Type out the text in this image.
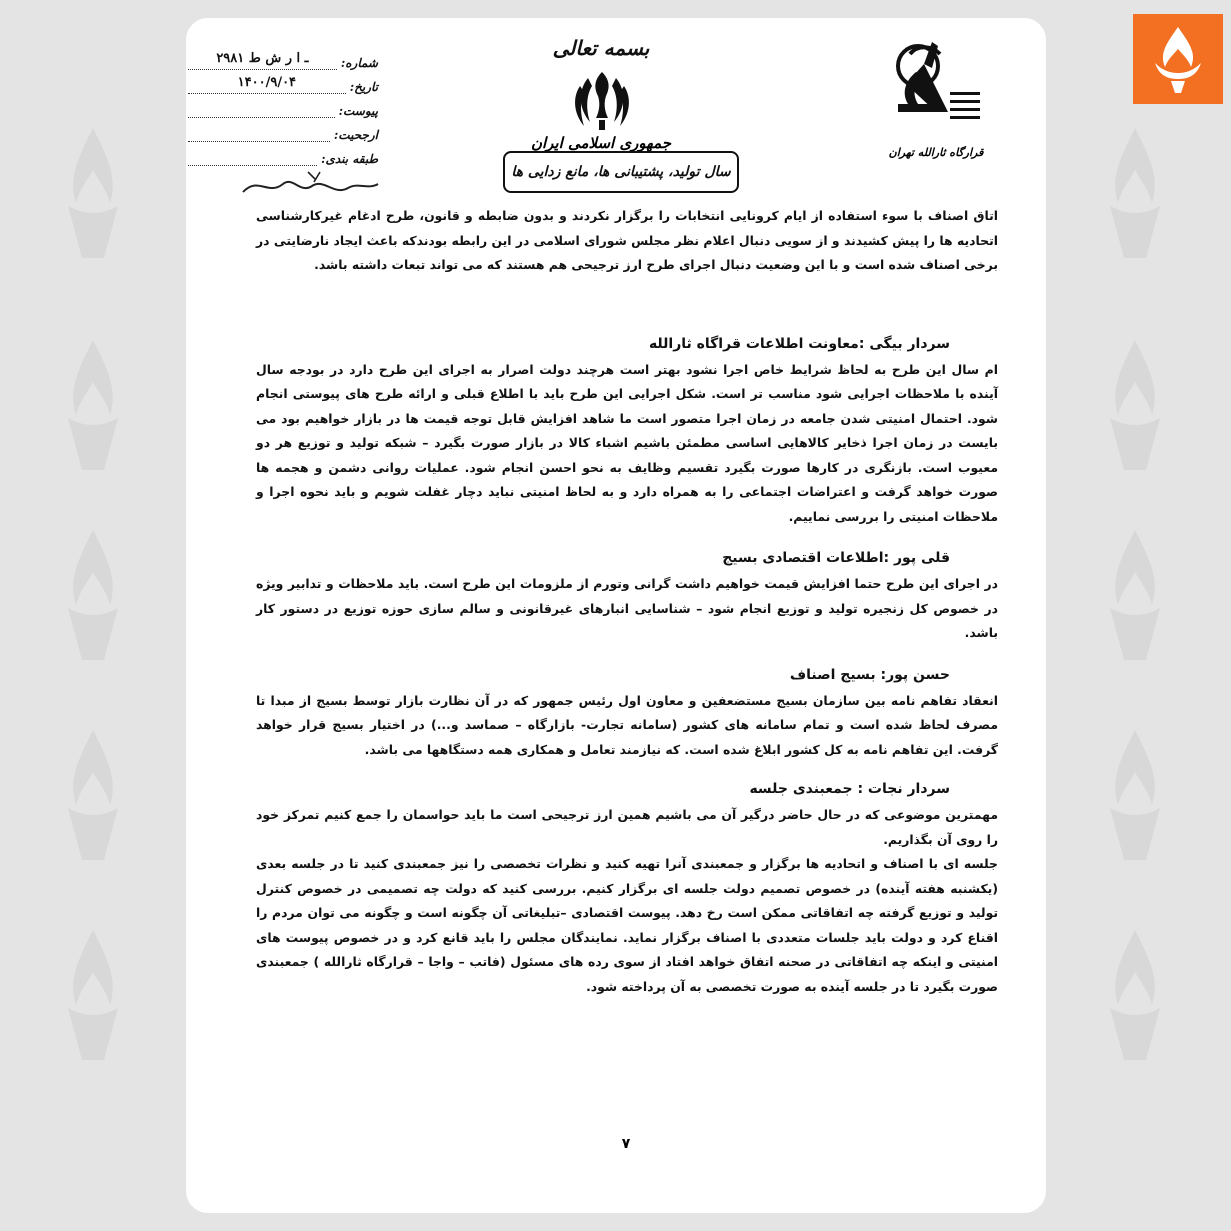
شماره:
۲۹۸۱ ـ ا ر ش ط
تاریخ:
۱۴۰۰/۹/۰۴
پیوست:
ارجحیت:
طبقه بندی:
بسمه تعالی
جمهوری اسلامی ایران
سال تولید، پشتیبانی ها، مانع زدایی ها
قرارگاه ثارالله تهران

اتاق اصناف با سوء استفاده از ایام کرونایی انتخابات را برگزار نکردند و بدون ضابطه و قانون، طرح ادغام غیرکارشناسی اتحادیه ها را پیش کشیدند و از سویی دنبال اعلام نظر مجلس شورای اسلامی در این رابطه بودندکه باعث ایجاد نارضایتی در برخی اصناف شده است و با این وضعیت دنبال اجرای طرح ارز ترجیحی هم هستند که می تواند تبعات داشته باشد.

سردار بیگی :معاونت اطلاعات قراگاه ثارالله

ام سال این طرح به لحاظ شرایط خاص اجرا نشود بهتر است هرچند دولت اصرار به اجرای این طرح دارد در بودجه سال آینده با ملاحظات اجرایی شود مناسب تر است. شکل اجرایی این طرح باید با اطلاع قبلی و ارائه طرح های پیوستی انجام شود. احتمال امنیتی شدن جامعه در زمان اجرا متصور است ما شاهد افزایش قابل توجه قیمت ها در بازار خواهیم بود می بایست در زمان اجرا ذخایر کالاهایی اساسی مطمئن باشیم اشباء کالا در بازار صورت بگیرد – شبکه تولید و توزیع هر دو معیوب است. بازنگری در کارها صورت بگیرد تقسیم وظایف به نحو احسن انجام شود. عملیات روانی دشمن و هجمه ها صورت خواهد گرفت و اعتراضات اجتماعی را به همراه دارد و به لحاظ امنیتی نباید دچار غفلت شویم و باید نحوه اجرا و ملاحظات امنیتی را بررسی نماییم.

قلی پور :اطلاعات اقتصادی بسیج

در اجرای این طرح حتما افزایش قیمت خواهیم داشت گرانی وتورم از ملزومات این طرح است. باید ملاحظات و تدابیر ویژه در خصوص کل زنجیره تولید و توزیع انجام شود – شناسایی انبارهای غیرقانونی و سالم سازی حوزه توزیع در دستور کار باشد.

حسن پور: بسیج اصناف

انعقاد تفاهم نامه بین سازمان بسیج مستضعفین و معاون اول رئیس جمهور که در آن نظارت بازار توسط بسیج از مبدا تا مصرف لحاظ شده است و تمام سامانه های کشور (سامانه تجارت- بازارگاه – صماسد و...) در اختیار بسیج قرار خواهد گرفت. این تفاهم نامه به کل کشور ابلاغ شده است. که نیازمند تعامل و همکاری همه دستگاهها می باشد.

سردار نجات : جمعبندی جلسه

مهمترین موضوعی که در حال حاضر درگیر آن می باشیم همین ارز ترجیحی است ما باید حواسمان را جمع کنیم تمرکز خود را روی آن بگذاریم.

جلسه ای با اصناف و اتحادیه ها برگزار و جمعبندی آنرا تهیه کنید و نظرات تخصصی را نیز جمعبندی کنید تا در جلسه بعدی (یکشنبه هفته آینده) در خصوص تصمیم دولت جلسه ای برگزار کنیم. بررسی کنید که دولت چه تصمیمی در خصوص کنترل تولید و توزیع گرفته چه اتفاقاتی ممکن است رخ دهد. پیوست اقتصادی –تبلیغاتی آن چگونه است و چگونه می توان مردم را اقناع کرد و دولت باید جلسات متعددی با اصناف برگزار نماید. نمایندگان مجلس را باید قانع کرد و در خصوص پیوست های امنیتی و اینکه چه اتفاقاتی در صحنه اتفاق خواهد افتاد از سوی رده های مسئول (فاتب – واجا – قرارگاه ثارالله ) جمعبندی صورت بگیرد تا در جلسه آینده به صورت تخصصی به آن پرداخته شود.

۷
